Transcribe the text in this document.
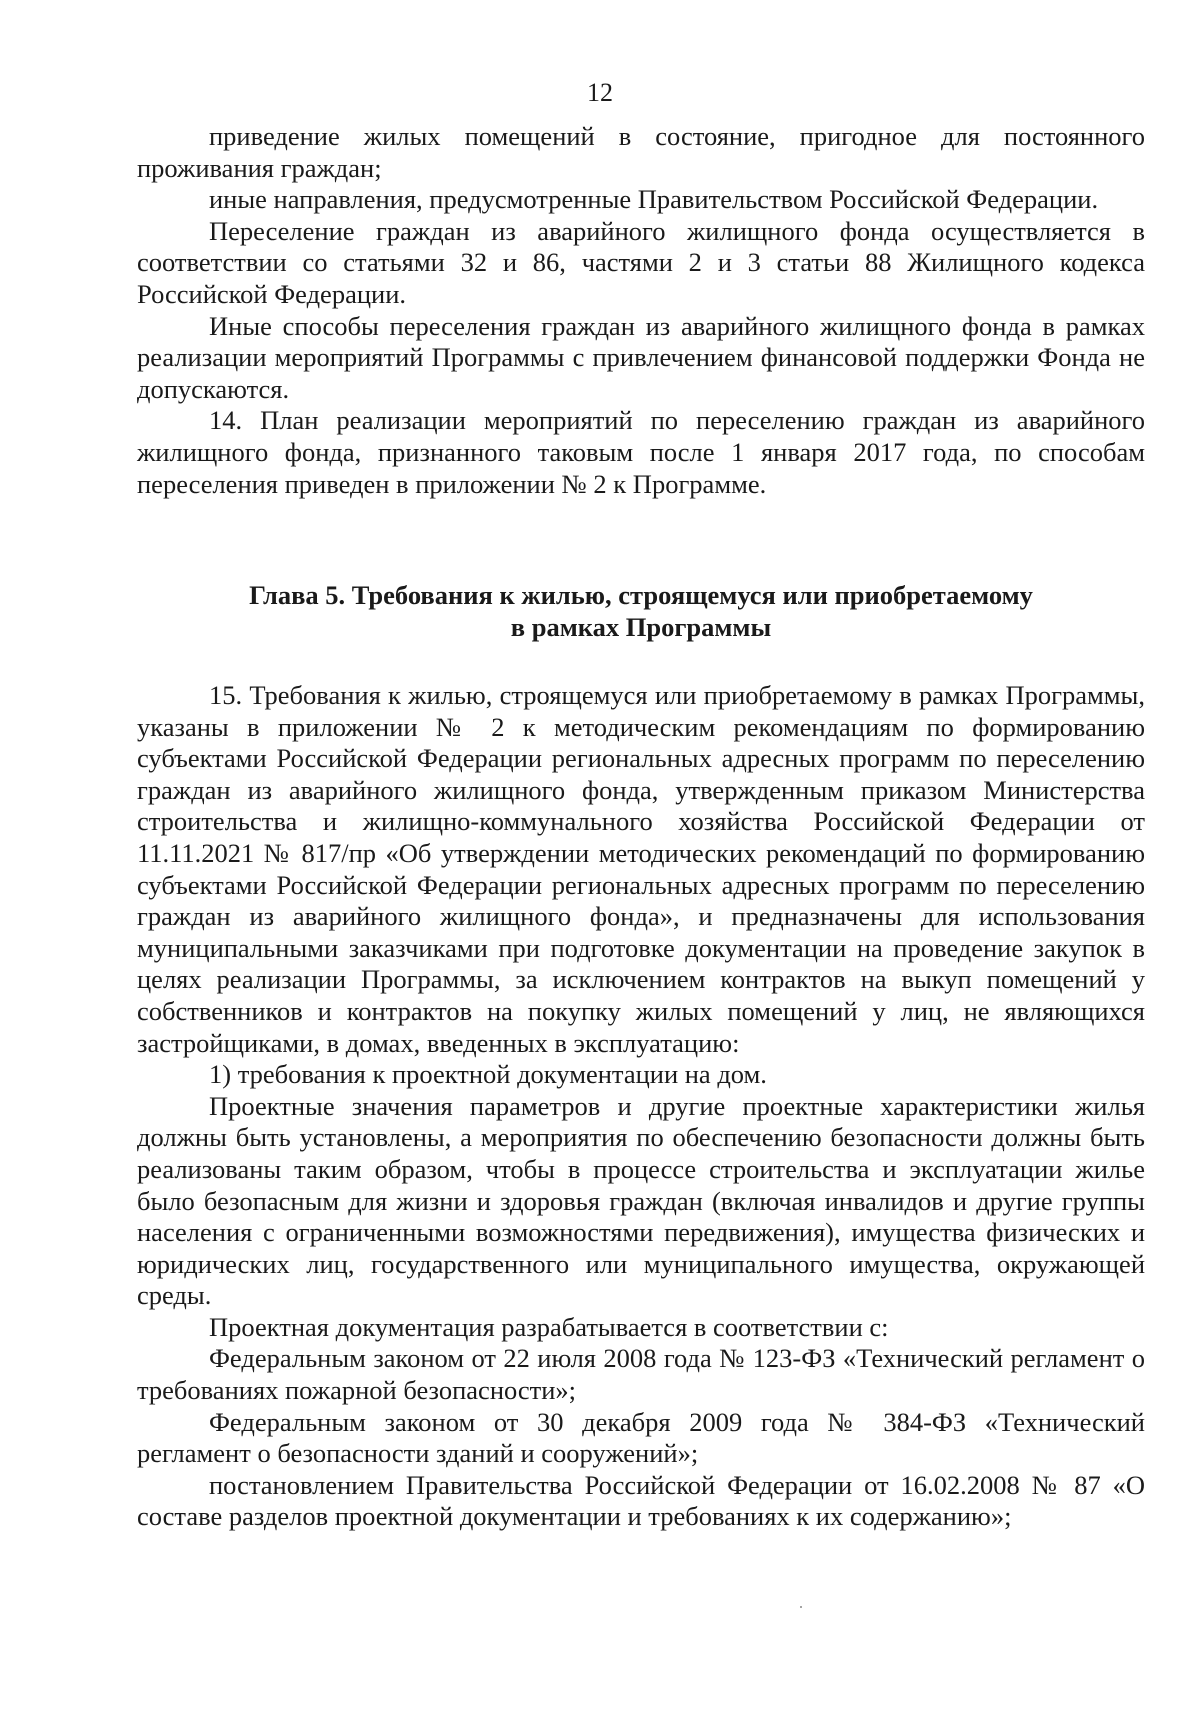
12

приведение жилых помещений в состояние, пригодное для постоянного проживания граждан;

иные направления, предусмотренные Правительством Российской Федерации.

Переселение граждан из аварийного жилищного фонда осуществляется в соответствии со статьями 32 и 86, частями 2 и 3 статьи 88 Жилищного кодекса Российской Федерации.

Иные способы переселения граждан из аварийного жилищного фонда в рамках реализации мероприятий Программы с привлечением финансовой поддержки Фонда не допускаются.

14. План реализации мероприятий по переселению граждан из аварийного жилищного фонда, признанного таковым после 1 января 2017 года, по способам переселения приведен в приложении № 2 к Программе.

Глава 5. Требования к жилью, строящемуся или приобретаемому
в рамках Программы

15. Требования к жилью, строящемуся или приобретаемому в рамках Программы, указаны в приложении № 2 к методическим рекомендациям по формированию субъектами Российской Федерации региональных адресных программ по переселению граждан из аварийного жилищного фонда, утвержденным приказом Министерства строительства и жилищно-коммунального хозяйства Российской Федерации от 11.11.2021 № 817/пр «Об утверждении методических рекомендаций по формированию субъектами Российской Федерации региональных адресных программ по переселению граждан из аварийного жилищного фонда», и предназначены для использования муниципальными заказчиками при подготовке документации на проведение закупок в целях реализации Программы, за исключением контрактов на выкуп помещений у собственников и контрактов на покупку жилых помещений у лиц, не являющихся застройщиками, в домах, введенных в эксплуатацию:

1) требования к проектной документации на дом.

Проектные значения параметров и другие проектные характеристики жилья должны быть установлены, а мероприятия по обеспечению безопасности должны быть реализованы таким образом, чтобы в процессе строительства и эксплуатации жилье было безопасным для жизни и здоровья граждан (включая инвалидов и другие группы населения с ограниченными возможностями передвижения), имущества физических и юридических лиц, государственного или муниципального имущества, окружающей среды.

Проектная документация разрабатывается в соответствии с:

Федеральным законом от 22 июля 2008 года № 123-ФЗ «Технический регламент о требованиях пожарной безопасности»;

Федеральным законом от 30 декабря 2009 года № 384-ФЗ «Технический регламент о безопасности зданий и сооружений»;

постановлением Правительства Российской Федерации от 16.02.2008 № 87 «О составе разделов проектной документации и требованиях к их содержанию»;
